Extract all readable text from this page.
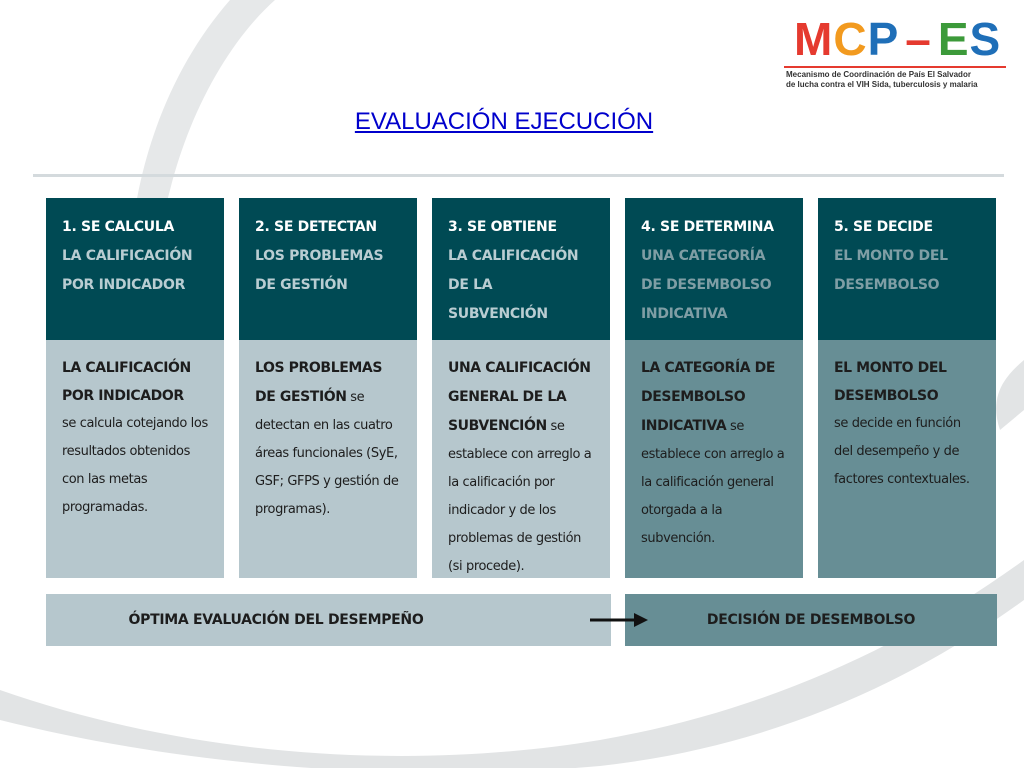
M C P – E S
Mecanismo de Coordinación de País El Salvador
de lucha contra el VIH Sida, tuberculosis y malaria
EVALUACIÓN EJECUCIÓN
1. SE CALCULA
LA CALIFICACIÓN POR INDICADOR
LA CALIFICACIÓN POR INDICADOR
se calcula cotejando los resultados obtenidos con las metas programadas.
2. SE DETECTAN
LOS PROBLEMAS DE GESTIÓN
LOS PROBLEMAS DE GESTIÓN se detectan en las cuatro áreas funcionales (SyE, GSF; GFPS y gestión de programas).
3. SE OBTIENE
LA CALIFICACIÓN DE LA SUBVENCIÓN
UNA CALIFICACIÓN GENERAL DE LA SUBVENCIÓN se establece con arreglo a la calificación por indicador y de los problemas de gestión (si procede).
4. SE DETERMINA
UNA CATEGORÍA DE DESEMBOLSO INDICATIVA
LA CATEGORÍA DE DESEMBOLSO INDICATIVA se establece con arreglo a la calificación general otorgada a la subvención.
5. SE DECIDE
EL MONTO DEL DESEMBOLSO
EL MONTO DEL DESEMBOLSO
se decide en función del desempeño y de factores contextuales.
ÓPTIMA EVALUACIÓN DEL DESEMPEÑO	DECISIÓN DE DESEMBOLSO
